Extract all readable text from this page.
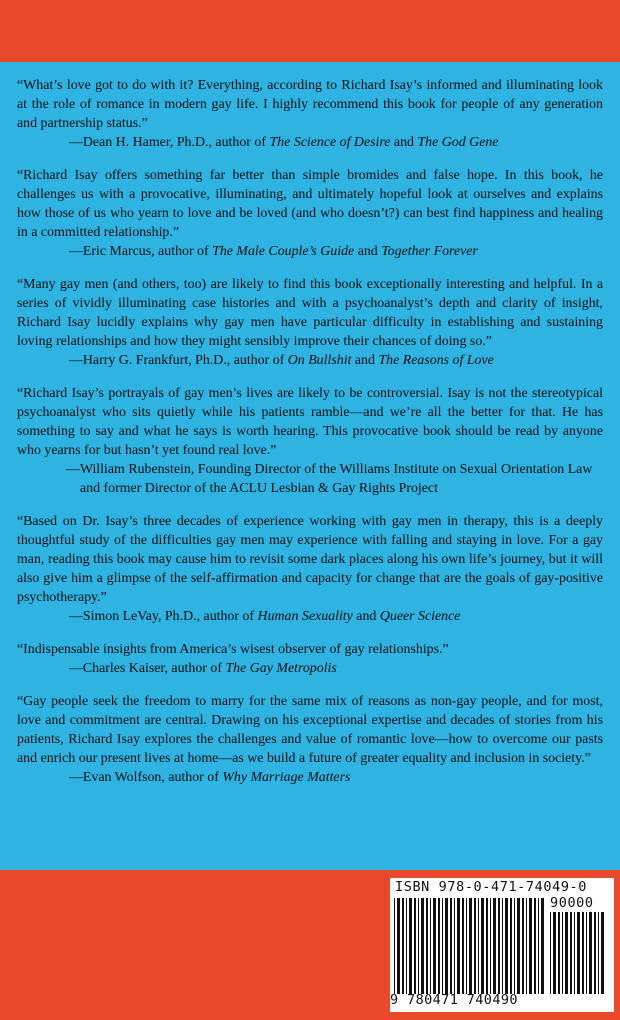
“What’s love got to do with it? Everything, according to Richard Isay’s informed and illuminating look at the role of romance in modern gay life. I highly recommend this book for people of any generation and partnership status.”

—Dean H. Hamer, Ph.D., author of The Science of Desire and The God Gene

“Richard Isay offers something far better than simple bromides and false hope. In this book, he challenges us with a provocative, illuminating, and ultimately hopeful look at ourselves and explains how those of us who yearn to love and be loved (and who doesn’t?) can best find happiness and healing in a committed relationship.”

—Eric Marcus, author of The Male Couple’s Guide and Together Forever

“Many gay men (and others, too) are likely to find this book exceptionally interesting and helpful. In a series of vividly illuminating case histories and with a psychoanalyst’s depth and clarity of insight, Richard Isay lucidly explains why gay men have particular difficulty in establishing and sustaining loving relationships and how they might sensibly improve their chances of doing so.”

—Harry G. Frankfurt, Ph.D., author of On Bullshit and The Reasons of Love

“Richard Isay’s portrayals of gay men’s lives are likely to be controversial. Isay is not the stereotypical psychoanalyst who sits quietly while his patients ramble—and we’re all the better for that. He has something to say and what he says is worth hearing. This provocative book should be read by anyone who yearns for but hasn’t yet found real love.”

—William Rubenstein, Founding Director of the Williams Institute on Sexual Orientation Law and former Director of the ACLU Lesbian & Gay Rights Project

“Based on Dr. Isay’s three decades of experience working with gay men in therapy, this is a deeply thoughtful study of the difficulties gay men may experience with falling and staying in love. For a gay man, reading this book may cause him to revisit some dark places along his own life’s journey, but it will also give him a glimpse of the self-affirmation and capacity for change that are the goals of gay-positive psychotherapy.”

—Simon LeVay, Ph.D., author of Human Sexuality and Queer Science

“Indispensable insights from America’s wisest observer of gay relationships.”

—Charles Kaiser, author of The Gay Metropolis

“Gay people seek the freedom to marry for the same mix of reasons as non-gay people, and for most, love and commitment are central. Drawing on his exceptional expertise and decades of stories from his patients, Richard Isay explores the challenges and value of romantic love—how to overcome our pasts and enrich our present lives at home—as we build a future of greater equality and inclusion in society.”

—Evan Wolfson, author of Why Marriage Matters

ISBN 978-0-471-74049-0
90000
9 780471 740490
